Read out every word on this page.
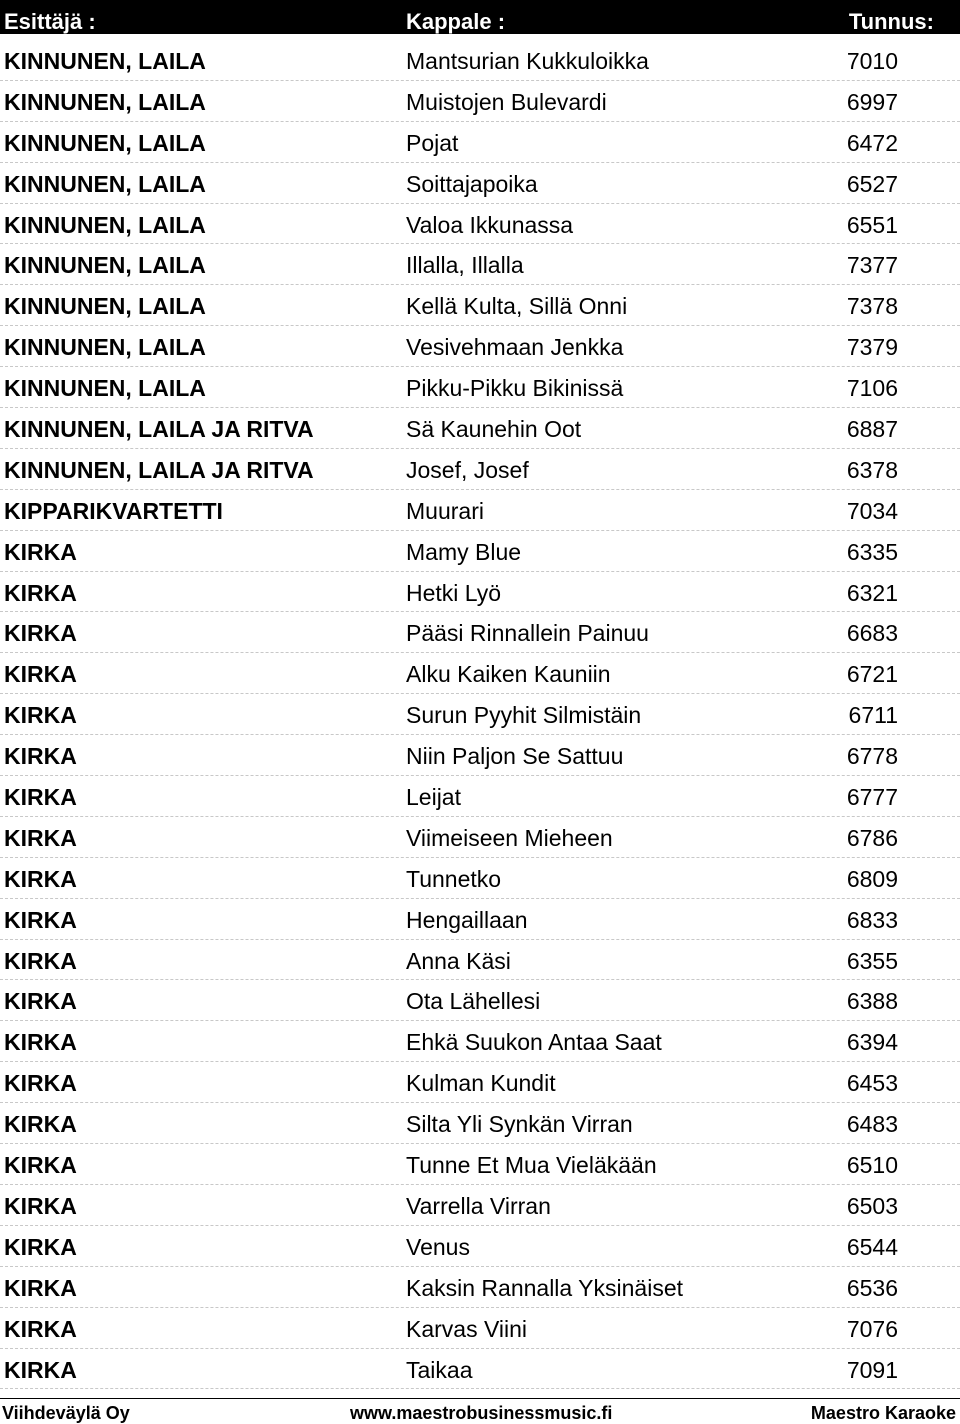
Esittäjä :	Kappale :	Tunnus:
KINNUNEN, LAILA	Mantsurian Kukkuloikka	7010
KINNUNEN, LAILA	Muistojen Bulevardi	6997
KINNUNEN, LAILA	Pojat	6472
KINNUNEN, LAILA	Soittajapoika	6527
KINNUNEN, LAILA	Valoa Ikkunassa	6551
KINNUNEN, LAILA	Illalla, Illalla	7377
KINNUNEN, LAILA	Kellä Kulta, Sillä Onni	7378
KINNUNEN, LAILA	Vesivehmaan Jenkka	7379
KINNUNEN, LAILA	Pikku-Pikku Bikinissä	7106
KINNUNEN, LAILA JA RITVA	Sä Kaunehin Oot	6887
KINNUNEN, LAILA JA RITVA	Josef, Josef	6378
KIPPARIKVARTETTI	Muurari	7034
KIRKA	Mamy Blue	6335
KIRKA	Hetki Lyö	6321
KIRKA	Pääsi Rinnallein Painuu	6683
KIRKA	Alku Kaiken Kauniin	6721
KIRKA	Surun Pyyhit Silmistäin	6711
KIRKA	Niin Paljon Se Sattuu	6778
KIRKA	Leijat	6777
KIRKA	Viimeiseen Mieheen	6786
KIRKA	Tunnetko	6809
KIRKA	Hengaillaan	6833
KIRKA	Anna Käsi	6355
KIRKA	Ota Lähellesi	6388
KIRKA	Ehkä Suukon Antaa Saat	6394
KIRKA	Kulman Kundit	6453
KIRKA	Silta Yli Synkän Virran	6483
KIRKA	Tunne Et Mua Vieläkään	6510
KIRKA	Varrella Virran	6503
KIRKA	Venus	6544
KIRKA	Kaksin Rannalla Yksinäiset	6536
KIRKA	Karvas Viini	7076
KIRKA	Taikaa	7091
Viihdeväylä Oy	www.maestrobusinessmusic.fi	Maestro Karaoke
